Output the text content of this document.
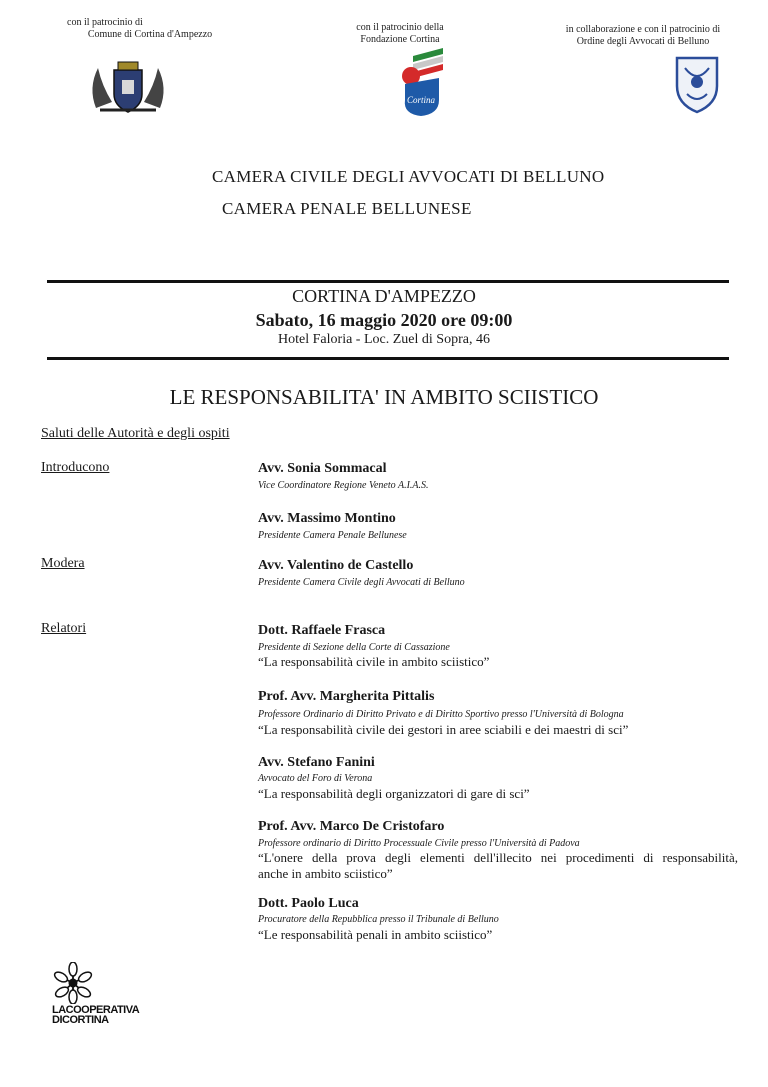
con il patrocinio di
Comune di Cortina d'Ampezzo
con il patrocinio della
Fondazione Cortina
in collaborazione e con il patrocinio di
Ordine degli Avvocati di Belluno
Cortina
CAMERA CIVILE DEGLI AVVOCATI DI BELLUNO
CAMERA PENALE BELLUNESE
CORTINA D'AMPEZZO
Sabato, 16 maggio 2020 ore 09:00
Hotel Faloria - Loc. Zuel di Sopra, 46
LE RESPONSABILITA' IN AMBITO SCIISTICO
Saluti delle Autorità e degli ospiti
Introducono	Avv. Sonia Sommacal
Vice Coordinatore Regione Veneto A.I.A.S.
Avv. Massimo Montino
Presidente Camera Penale Bellunese
Modera	Avv. Valentino de Castello
Presidente Camera Civile degli Avvocati di Belluno
Relatori	Dott. Raffaele Frasca
Presidente di Sezione della Corte di Cassazione
“La responsabilità civile in ambito sciistico”
Prof. Avv. Margherita Pittalis
Professore Ordinario di Diritto Privato e di Diritto Sportivo presso l'Università di Bologna
“La responsabilità civile dei gestori in aree sciabili e dei maestri di sci”
Avv. Stefano Fanini
Avvocato del Foro di Verona
“La responsabilità degli organizzatori di gare di sci”
Prof. Avv. Marco De Cristofaro
Professore ordinario di Diritto Processuale Civile presso l'Università di Padova
“L'onere della prova degli elementi dell'illecito nei procedimenti di responsabilità,
anche in ambito sciistico”
Dott. Paolo Luca
Procuratore della Repubblica presso il Tribunale di Belluno
“Le responsabilità penali in ambito sciistico”
LACOOPERATIVA
DICORTINA
